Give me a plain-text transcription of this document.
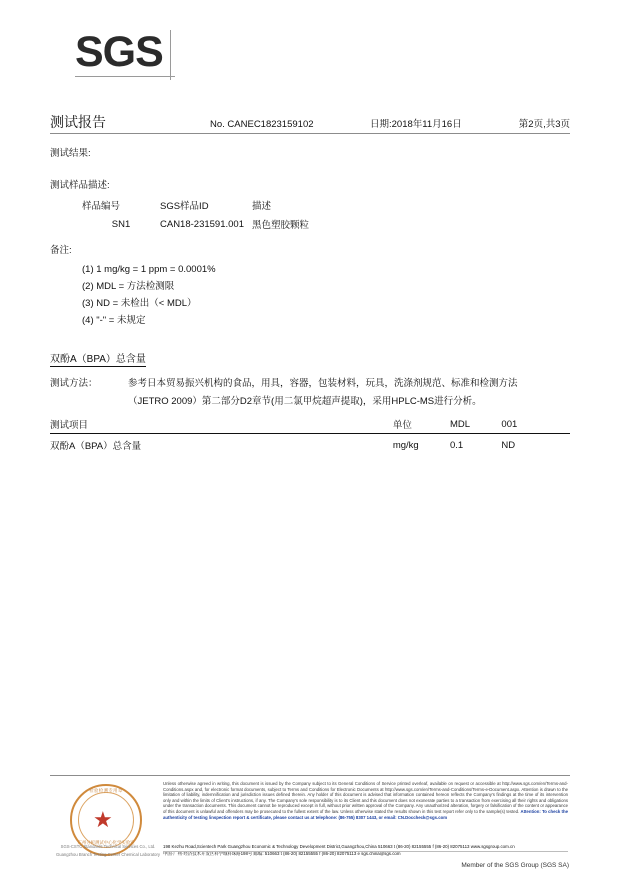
SGS
测试报告	No. CANEC1823159102	日期:2018年11月16日	第2页,共3页
测试结果:
测试样品描述:
样品编号	SGS样品ID	描述
SN1	CAN18-231591.001	黑色塑胶颗粒
备注:
(1) 1 mg/kg = 1 ppm = 0.0001%
(2) MDL = 方法检测限
(3) ND = 未检出（< MDL）
(4) "-" = 未规定
双酚A（BPA）总含量
测试方法：	参考日本贸易振兴机构的食品，用具，容器，包装材料，玩具，洗涤剂规范、标准和检测方法（JETRO 2009）第二部分D2章节(用二氯甲烷超声提取)，采用HPLC-MS进行分析。
测试项目	单位	MDL	001
双酚A（BPA）总含量	mg/kg	0.1	ND
★
检验检测专用章
广州分析测试中心化学实验室
SGS-CSTC Standards Technical Services Co., Ltd.
Guangzhou Branch Testing Center Chemical Laboratory
Unless otherwise agreed in writing, this document is issued by the Company subject to its General Conditions of Service printed overleaf, available on request or accessible at http://www.sgs.com/en/Terms-and-Conditions.aspx and, for electronic format documents, subject to Terms and Conditions for Electronic Documents at http://www.sgs.com/en/Terms-and-Conditions/Terms-e-Document.aspx. Attention is drawn to the limitation of liability, indemnification and jurisdiction issues defined therein. Any holder of this document is advised that information contained hereon reflects the Company's findings at the time of its intervention only and within the limits of Client's instructions, if any. The Company's sole responsibility is to its Client and this document does not exonerate parties to a transaction from exercising all their rights and obligations under the transaction documents. This document cannot be reproduced except in full, without prior written approval of the Company. Any unauthorized alteration, forgery or falsification of the content or appearance of this document is unlawful and offenders may be prosecuted to the fullest extent of the law. Unless otherwise stated the results shown in this test report refer only to the sample(s) tested. Attention: To check the authenticity of testing /inspection report & certificate, please contact us at telephone: (86-755) 8307 1443, or email: CN.Doccheck@sgs.com
198 Kezhu Road,Scientech Park Guangzhou Economic & Technology Development District,Guangzhou,China 510663 t (86-20) 82155555 f (86-20) 82075113 www.sgsgroup.com.cn
中国·广州·经济技术开发区科学城科珠路198号 邮编: 510663 t (86-20) 82155555 f (86-20) 82075113 e sgs.china@sgs.com
Member of the SGS Group (SGS SA)
